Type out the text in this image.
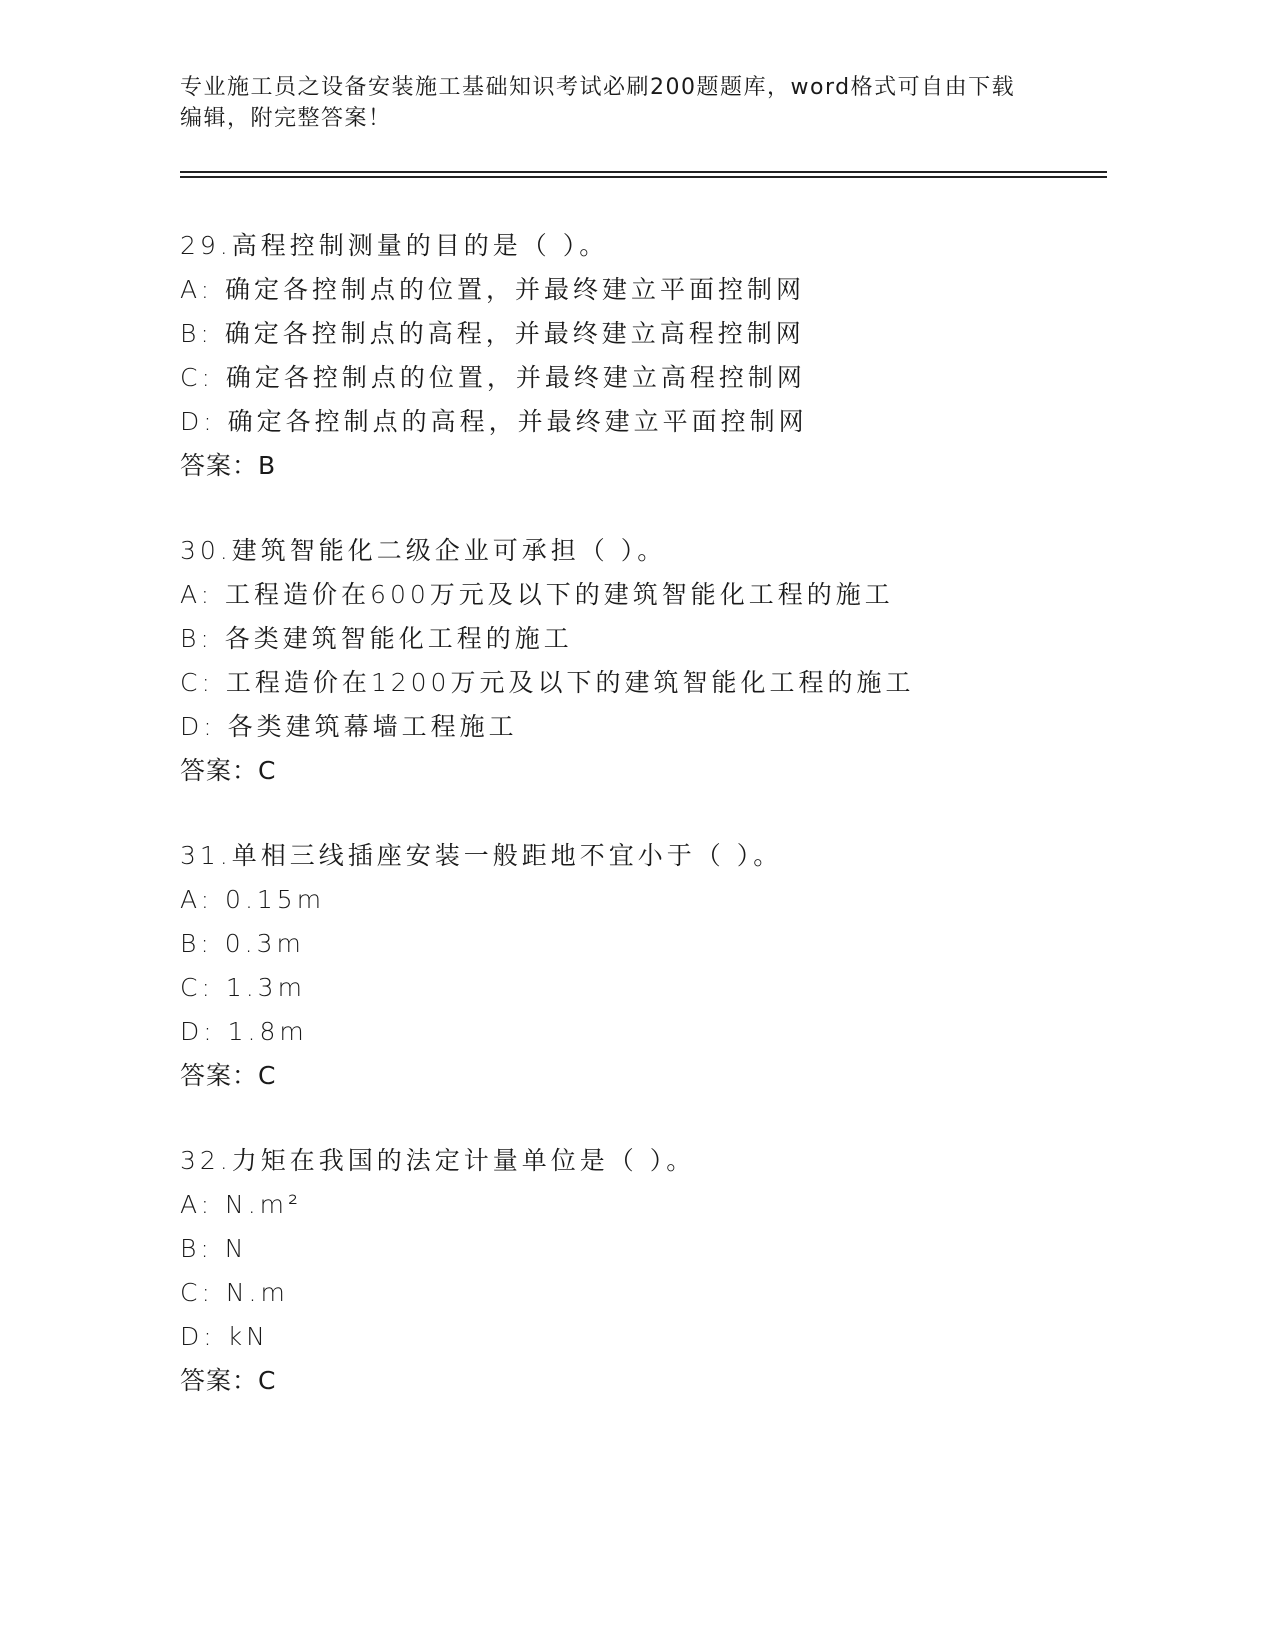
专业施工员之设备安装施工基础知识考试必刷200题题库，word格式可自由下载
编辑，附完整答案！
29.高程控制测量的目的是（ ）。
A: 确定各控制点的位置，并最终建立平面控制网
B: 确定各控制点的高程，并最终建立高程控制网
C: 确定各控制点的位置，并最终建立高程控制网
D: 确定各控制点的高程，并最终建立平面控制网
答案：B
30.建筑智能化二级企业可承担（ ）。
A: 工程造价在600万元及以下的建筑智能化工程的施工
B: 各类建筑智能化工程的施工
C: 工程造价在1200万元及以下的建筑智能化工程的施工
D: 各类建筑幕墙工程施工
答案：C
31.单相三线插座安装一般距地不宜小于（ ）。
A: 0.15m
B: 0.3m
C: 1.3m
D: 1.8m
答案：C
32.力矩在我国的法定计量单位是（ ）。
A: N.m²
B: N
C: N.m
D: kN
答案：C
